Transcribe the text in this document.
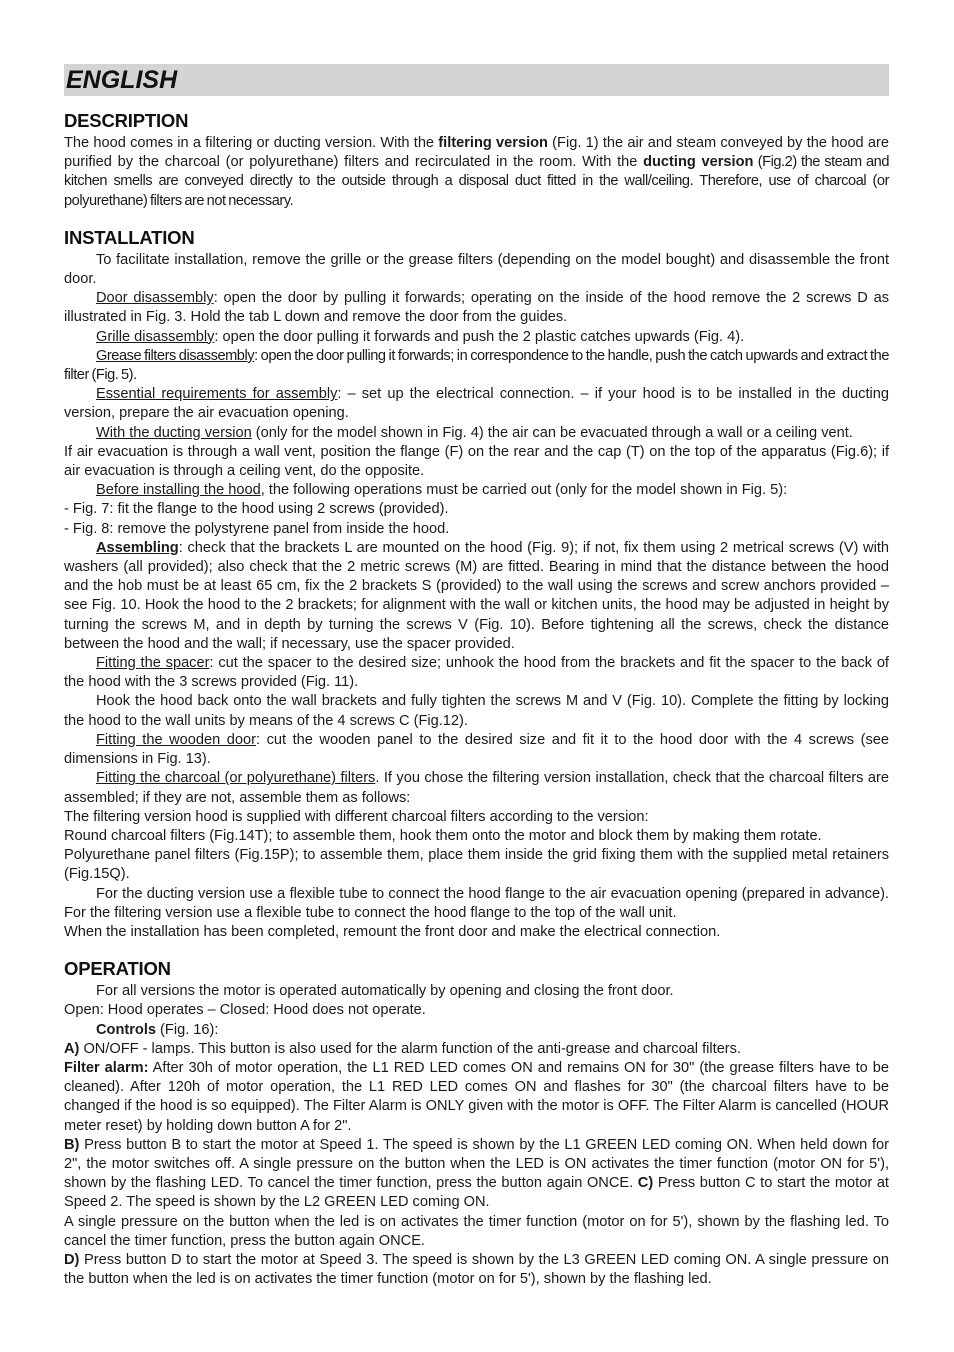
ENGLISH
DESCRIPTION

The hood comes in a filtering or ducting version. With the filtering version (Fig. 1) the air and steam conveyed by the hood are purified by the charcoal (or polyurethane) filters and recirculated in the room. With the ducting version (Fig.2) the steam and kitchen smells are conveyed directly to the outside through a disposal duct fitted in the wall/ceiling. Therefore, use of charcoal (or polyurethane) filters are not necessary.

INSTALLATION

To facilitate installation, remove the grille or the grease filters (depending on the model bought) and disassemble the front door.

Door disassembly: open the door by pulling it forwards; operating on the inside of the hood remove the 2 screws D as illustrated in Fig. 3. Hold the tab L down and remove the door from the guides.

Grille disassembly: open the door pulling it forwards and push the 2 plastic catches upwards (Fig. 4).

Grease filters disassembly: open the door pulling it forwards; in correspondence to the handle, push the catch upwards and extract the filter (Fig. 5).

Essential requirements for assembly: – set up the electrical connection. – if your hood is to be installed in the ducting version, prepare the air evacuation opening.

With the ducting version (only for the model shown in Fig. 4) the air can be evacuated through a wall or a ceiling vent.

If air evacuation is through a wall vent, position the flange (F) on the rear and the cap (T) on the top of the apparatus (Fig.6); if air evacuation is through a ceiling vent, do the opposite.

Before installing the hood, the following operations must be carried out (only for the model shown in Fig. 5):

- Fig. 7: fit the flange to the hood using 2 screws (provided).

- Fig. 8: remove the polystyrene panel from inside the hood.

Assembling: check that the brackets L are mounted on the hood (Fig. 9); if not, fix them using 2 metrical screws (V) with washers (all provided); also check that the 2 metric screws (M) are fitted. Bearing in mind that the distance between the hood and the hob must be at least 65 cm, fix the 2 brackets S (provided) to the wall using the screws and screw anchors provided – see Fig. 10. Hook the hood to the 2 brackets; for alignment with the wall or kitchen units, the hood may be adjusted in height by turning the screws M, and in depth by turning the screws V (Fig. 10). Before tightening all the screws, check the distance between the hood and the wall; if necessary, use the spacer provided.

Fitting the spacer: cut the spacer to the desired size; unhook the hood from the brackets and fit the spacer to the back of the hood with the 3 screws provided (Fig. 11).

Hook the hood back onto the wall brackets and fully tighten the screws M and V (Fig. 10). Complete the fitting by locking the hood to the wall units by means of the 4 screws C (Fig.12).

Fitting the wooden door: cut the wooden panel to the desired size and fit it to the hood door with the 4 screws (see dimensions in Fig. 13).

Fitting the charcoal (or polyurethane) filters. If you chose the filtering version installation, check that the charcoal filters are assembled; if they are not, assemble them as follows:

The filtering version hood is supplied with different charcoal filters according to the version:

Round charcoal filters (Fig.14T); to assemble them, hook them onto the motor and block them by making them rotate.

Polyurethane panel filters (Fig.15P); to assemble them, place them inside the grid fixing them with the supplied metal retainers (Fig.15Q).

For the ducting version use a flexible tube to connect the hood flange to the air evacuation opening (prepared in advance). For the filtering version use a flexible tube to connect the hood flange to the top of the wall unit.

When the installation has been completed, remount the front door and make the electrical connection.

OPERATION

For all versions the motor is operated automatically by opening and closing the front door.

Open: Hood operates – Closed: Hood does not operate.

Controls (Fig. 16):

A) ON/OFF - lamps. This button is also used for the alarm function of the anti-grease and charcoal filters.

Filter alarm: After 30h of motor operation, the L1 RED LED comes ON and remains ON for 30" (the grease filters have to be cleaned). After 120h of motor operation, the L1 RED LED comes ON and flashes for 30" (the charcoal filters have to be changed if the hood is so equipped). The Filter Alarm is ONLY given with the motor is OFF. The Filter Alarm is cancelled (HOUR meter reset) by holding down button A for 2".

B) Press button B to start the motor at Speed 1. The speed is shown by the L1 GREEN LED coming ON. When held down for 2", the motor switches off. A single pressure on the button when the LED is ON activates the timer function (motor ON for 5'), shown by the flashing LED. To cancel the timer function, press the button again ONCE. C) Press button C to start the motor at Speed 2. The speed is shown by the L2 GREEN LED coming ON.

A single pressure on the button when the led is on activates the timer function (motor on for 5'), shown by the flashing led. To cancel the timer function, press the button again ONCE.

D) Press button D to start the motor at Speed 3. The speed is shown by the L3 GREEN LED coming ON. A single pressure on the button when the led is on activates the timer function (motor on for 5'), shown by the flashing led.
